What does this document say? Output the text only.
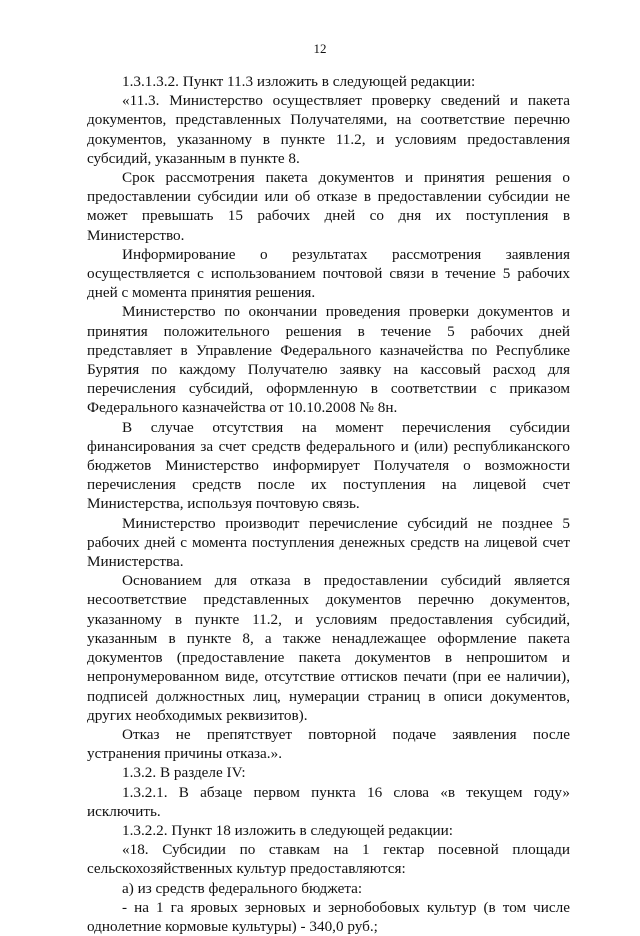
12

1.3.1.3.2. Пункт 11.3 изложить в следующей редакции:

«11.3. Министерство осуществляет проверку сведений и пакета документов, представленных Получателями, на соответствие перечню документов, указанному в пункте 11.2, и условиям предоставления субсидий, указанным в пункте 8.

Срок рассмотрения пакета документов и принятия решения о предоставлении субсидии или об отказе в предоставлении субсидии не может превышать 15 рабочих дней со дня их поступления в Министерство.

Информирование о результатах рассмотрения заявления осуществляется с использованием почтовой связи в течение 5 рабочих дней с момента принятия решения.

Министерство по окончании проведения проверки документов и принятия положительного решения в течение 5 рабочих дней представляет в Управление Федерального казначейства по Республике Бурятия по каждому Получателю заявку на кассовый расход для перечисления субсидий, оформленную в соответствии с приказом Федерального казначейства от 10.10.2008 № 8н.

В случае отсутствия на момент перечисления субсидии финансирования за счет средств федерального и (или) республиканского бюджетов Министерство информирует Получателя о возможности перечисления средств после их поступления на лицевой счет Министерства, используя почтовую связь.

Министерство производит перечисление субсидий не позднее 5 рабочих дней с момента поступления денежных средств на лицевой счет Министерства.

Основанием для отказа в предоставлении субсидий является несоответствие представленных документов перечню документов, указанному в пункте 11.2, и условиям предоставления субсидий, указанным в пункте 8, а также ненадлежащее оформление пакета документов (предоставление пакета документов в непрошитом и непронумерованном виде, отсутствие оттисков печати (при ее наличии), подписей должностных лиц, нумерации страниц в описи документов, других необходимых реквизитов).

Отказ не препятствует повторной подаче заявления после устранения причины отказа.».

1.3.2. В разделе IV:

1.3.2.1. В абзаце первом пункта 16 слова «в текущем году» исключить.

1.3.2.2. Пункт 18 изложить в следующей редакции:

«18. Субсидии по ставкам на 1 гектар посевной площади сельскохозяйственных культур предоставляются:

а) из средств федерального бюджета:

- на 1 га яровых зерновых и зернобобовых культур (в том числе однолетние кормовые культуры) - 340,0 руб.;
